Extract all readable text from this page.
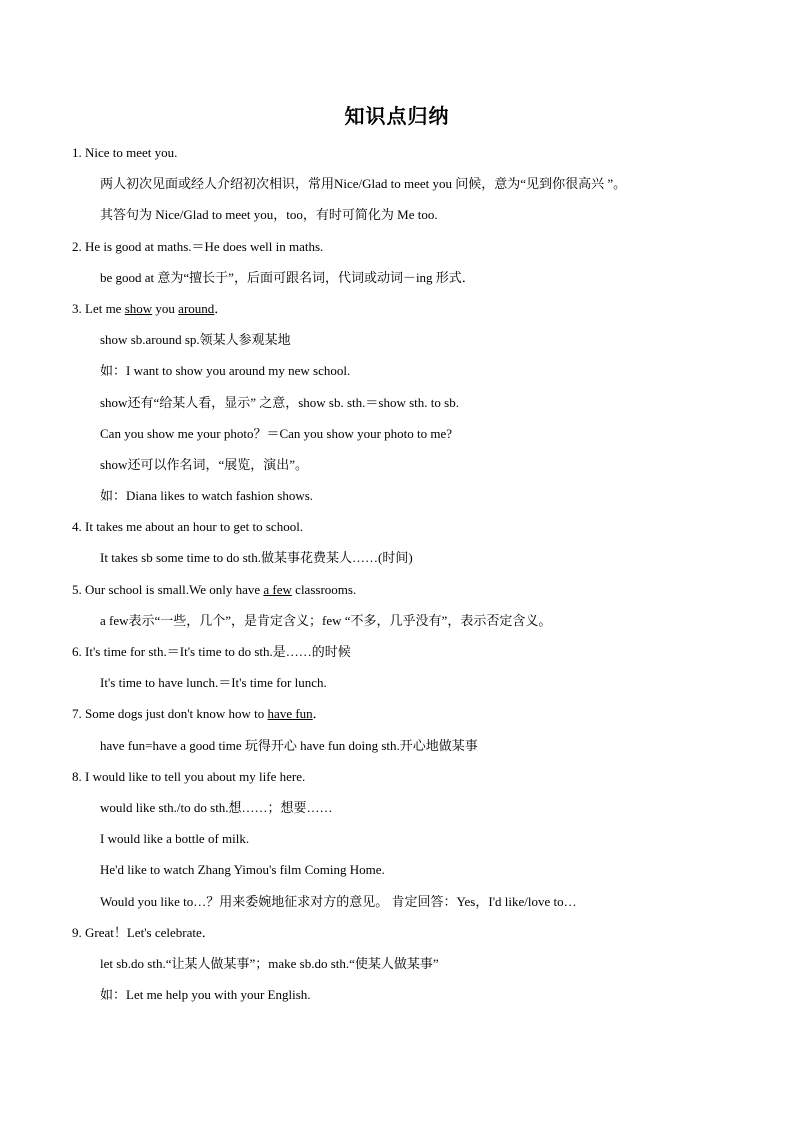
知识点归纳
1. Nice to meet you.
两人初次见面或经人介绍初次相识，常用Nice/Glad to meet you 问候，意为“见到你很高兴 ”。
其答句为 Nice/Glad to meet you，too，有时可简化为 Me too.
2. He is good at maths.＝He does well in maths.
be good at 意为“擅长于”，后面可跟名词，代词或动词－ing 形式．
3. Let me show you around．
show sb.around sp.领某人参观某地
如：I want to show you around my new school.
show还有“给某人看，显示” 之意，show sb. sth.＝show sth. to sb.
Can you show me your photo？＝Can you show your photo to me?
show还可以作名词，“展览，演出”。
如：Diana likes to watch fashion shows.
4. It takes me about an hour to get to school.
It takes sb some time to do sth.做某事花费某人……(时间)
5. Our school is small.We only have a few classrooms.
a few表示“一些，几个”，是肯定含义；few “不多，几乎没有”，表示否定含义。
6. It's time for sth.＝It's time to do sth.是……的时候
It's time to have lunch.＝It's time for lunch.
7. Some dogs just don't know how to have fun．
have fun=have a good time 玩得开心 have fun doing sth.开心地做某事
8. I would like to tell you about my life here.
would like sth./to do sth.想……；想要……
I would like a bottle of milk.
He'd like to watch Zhang Yimou's film Coming Home.
Would you like to…？用来委婉地征求对方的意见。 肯定回答：Yes，I'd like/love to…
9. Great！Let's celebrate．
let sb.do sth.“让某人做某事”；make sb.do sth.“使某人做某事”
如：Let me help you with your English.
